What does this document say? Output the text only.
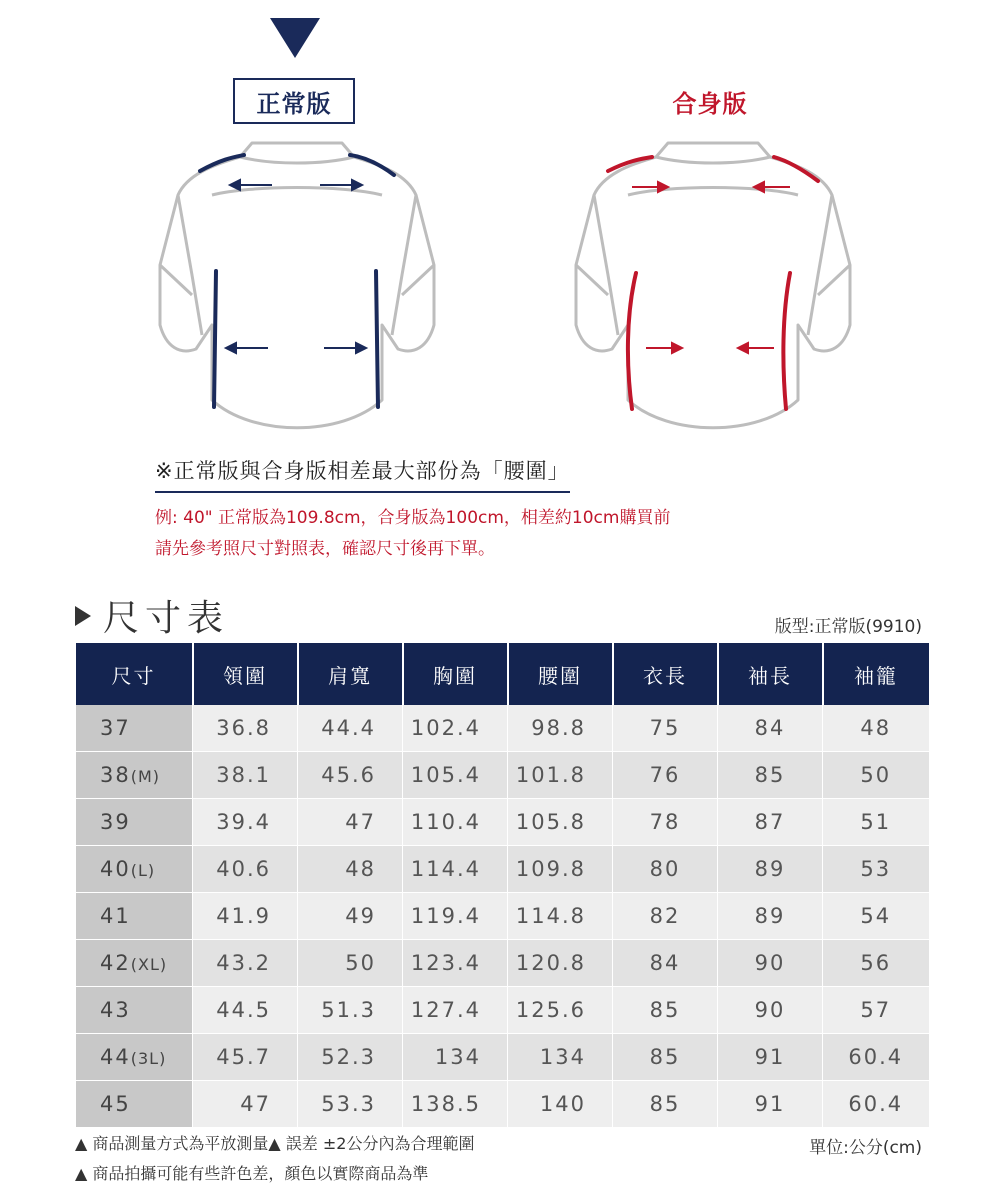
正常版	合身版
※正常版與合身版相差最大部份為「腰圍」
例: 40" 正常版為109.8cm，合身版為100cm，相差約10cm購買前
請先參考照尺寸對照表，確認尺寸後再下單。
尺寸表	版型:正常版(9910)
尺寸	領圍	肩寬	胸圍	腰圍	衣長	袖長	袖籠
37	36.8	44.4	102.4	98.8	75	84	48
38(M)	38.1	45.6	105.4	101.8	76	85	50
39	39.4	47	110.4	105.8	78	87	51
40(L)	40.6	48	114.4	109.8	80	89	53
41	41.9	49	119.4	114.8	82	89	54
42(XL)	43.2	50	123.4	120.8	84	90	56
43	44.5	51.3	127.4	125.6	85	90	57
44(3L)	45.7	52.3	134	134	85	91	60.4
45	47	53.3	138.5	140	85	91	60.4
▲ 商品測量方式為平放測量▲ 誤差 ±2公分內為合理範圍
▲ 商品拍攝可能有些許色差，顏色以實際商品為準
單位:公分(cm)
